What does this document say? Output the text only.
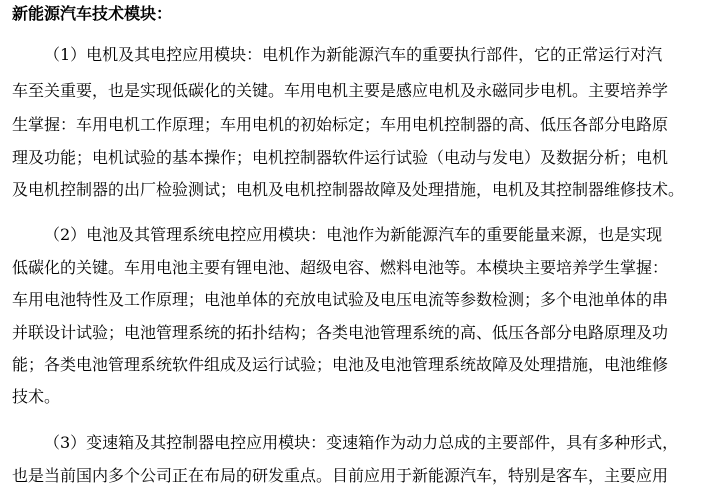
新能源汽车技术模块：
（1）电机及其电控应用模块：电机作为新能源汽车的重要执行部件，它的正常运行对汽
车至关重要，也是实现低碳化的关键。车用电机主要是感应电机及永磁同步电机。主要培养学
生掌握：车用电机工作原理；车用电机的初始标定；车用电机控制器的高、低压各部分电路原
理及功能；电机试验的基本操作；电机控制器软件运行试验（电动与发电）及数据分析；电机
及电机控制器的出厂检验测试；电机及电机控制器故障及处理措施，电机及其控制器维修技术。
（2）电池及其管理系统电控应用模块：电池作为新能源汽车的重要能量来源，也是实现
低碳化的关键。车用电池主要有锂电池、超级电容、燃料电池等。本模块主要培养学生掌握：
车用电池特性及工作原理；电池单体的充放电试验及电压电流等参数检测；多个电池单体的串
并联设计试验；电池管理系统的拓扑结构；各类电池管理系统的高、低压各部分电路原理及功
能；各类电池管理系统软件组成及运行试验；电池及电池管理系统故障及处理措施，电池维修
技术。
（3）变速箱及其控制器电控应用模块：变速箱作为动力总成的主要部件，具有多种形式，
也是当前国内多个公司正在布局的研发重点。目前应用于新能源汽车，特别是客车，主要应用
